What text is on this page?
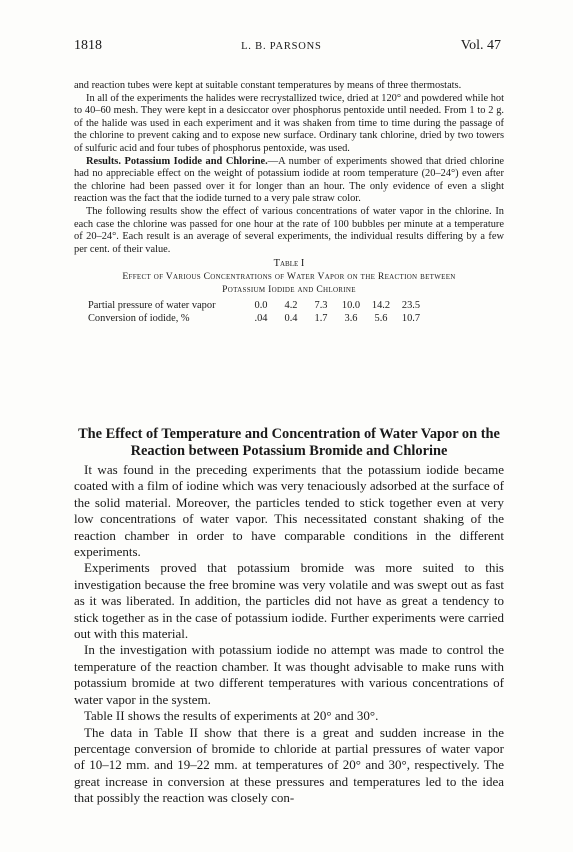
1818	L. B. PARSONS	Vol. 47

and reaction tubes were kept at suitable constant temperatures by means of three thermostats.

In all of the experiments the halides were recrystallized twice, dried at 120° and powdered while hot to 40–60 mesh. They were kept in a desiccator over phosphorus pentoxide until needed. From 1 to 2 g. of the halide was used in each experiment and it was shaken from time to time during the passage of the chlorine to prevent caking and to expose new surface. Ordinary tank chlorine, dried by two towers of sulfuric acid and four tubes of phosphorus pentoxide, was used.

Results. Potassium Iodide and Chlorine.—A number of experiments showed that dried chlorine had no appreciable effect on the weight of potassium iodide at room temperature (20–24°) even after the chlorine had been passed over it for longer than an hour. The only evidence of even a slight reaction was the fact that the iodide turned to a very pale straw color.

The following results show the effect of various concentrations of water vapor in the chlorine. In each case the chlorine was passed for one hour at the rate of 100 bubbles per minute at a temperature of 20–24°. Each result is an average of several experiments, the individual results differing by a few per cent. of their value.

Table I
Effect of Various Concentrations of Water Vapor on the Reaction between
Potassium Iodide and Chlorine
Partial pressure of water vapor	0.0	4.2	7.3	10.0	14.2	23.5
Conversion of iodide, %	.04	0.4	1.7	3.6	5.6	10.7
The Effect of Temperature and Concentration of Water Vapor on the
Reaction between Potassium Bromide and Chlorine

It was found in the preceding experiments that the potassium iodide became coated with a film of iodine which was very tenaciously adsorbed at the surface of the solid material. Moreover, the particles tended to stick together even at very low concentrations of water vapor. This necessitated constant shaking of the reaction chamber in order to have comparable conditions in the different experiments.

Experiments proved that potassium bromide was more suited to this investigation because the free bromine was very volatile and was swept out as fast as it was liberated. In addition, the particles did not have as great a tendency to stick together as in the case of potassium iodide. Further experiments were carried out with this material.

In the investigation with potassium iodide no attempt was made to control the temperature of the reaction chamber. It was thought advisable to make runs with potassium bromide at two different temperatures with various concentrations of water vapor in the system.

Table II shows the results of experiments at 20° and 30°.

The data in Table II show that there is a great and sudden increase in the percentage conversion of bromide to chloride at partial pressures of water vapor of 10–12 mm. and 19–22 mm. at temperatures of 20° and 30°, respectively. The great increase in conversion at these pressures and temperatures led to the idea that possibly the reaction was closely con-
